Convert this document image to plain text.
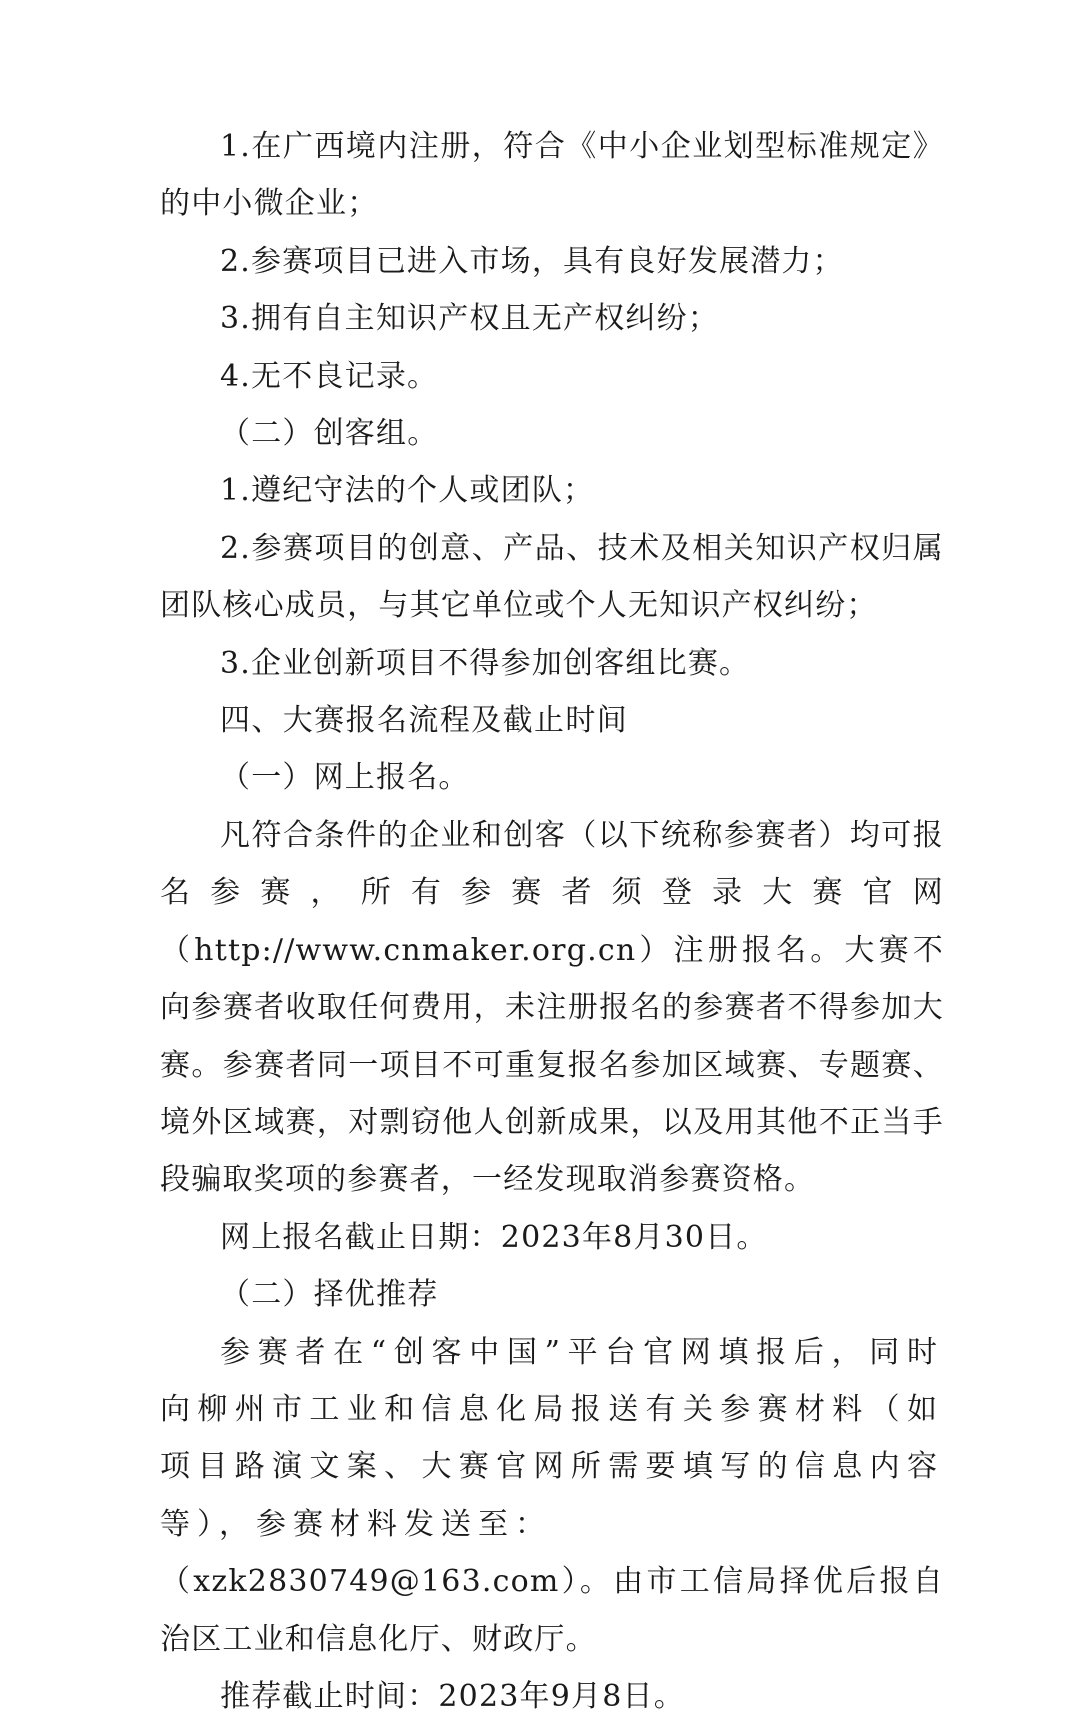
1.在广西境内注册，符合《中小企业划型标准规定》的中小微企业；

2.参赛项目已进入市场，具有良好发展潜力；

3.拥有自主知识产权且无产权纠纷；

4.无不良记录。

（二）创客组。

1.遵纪守法的个人或团队；

2.参赛项目的创意、产品、技术及相关知识产权归属团队核心成员，与其它单位或个人无知识产权纠纷；

3.企业创新项目不得参加创客组比赛。

四、大赛报名流程及截止时间

（一）网上报名。

凡符合条件的企业和创客（以下统称参赛者）均可报名参赛，所有参赛者须登录大赛官网（http://www.cnmaker.org.cn）注册报名。大赛不向参赛者收取任何费用，未注册报名的参赛者不得参加大赛。参赛者同一项目不可重复报名参加区域赛、专题赛、境外区域赛，对剽窃他人创新成果，以及用其他不正当手段骗取奖项的参赛者，一经发现取消参赛资格。

网上报名截止日期：2023年8月30日。

（二）择优推荐

参赛者在“创客中国”平台官网填报后，同时向柳州市工业和信息化局报送有关参赛材料（如项目路演文案、大赛官网所需要填写的信息内容等），参赛材料发送至：

（xzk2830749@163.com）。由市工信局择优后报自治区工业和信息化厅、财政厅。

推荐截止时间：2023年9月8日。
